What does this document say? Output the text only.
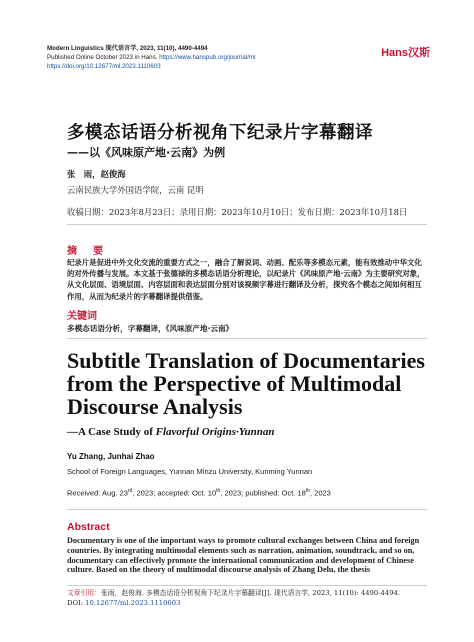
Modern Linguistics 现代语言学, 2023, 11(10), 4490-4494
Published Online October 2023 in Hans. https://www.hanspub.org/journal/ml
https://doi.org/10.12677/ml.2023.1110603
Hans汉斯
多模态话语分析视角下纪录片字幕翻译
——以《风味原产地·云南》为例
张　雨，赵俊海
云南民族大学外国语学院，云南 昆明
收稿日期：2023年8月23日；录用日期：2023年10月10日；发布日期：2023年10月18日
摘　要
纪录片是促进中外文化交流的重要方式之一，融合了解说词、动画、配乐等多模态元素，能有效推动中华文化的对外传播与发展。本文基于张德禄的多模态话语分析理论，以纪录片《风味原产地·云南》为主要研究对象，从文化层面、语境层面、内容层面和表达层面分别对该视频字幕进行翻译及分析，探究各个模态之间如何相互作用，从而为纪录片的字幕翻译提供借鉴。
关键词
多模态话语分析，字幕翻译，《风味原产地·云南》
Subtitle Translation of Documentaries from the Perspective of Multimodal Discourse Analysis
—A Case Study of Flavorful Origins·Yunnan
Yu Zhang, Junhai Zhao
School of Foreign Languages, Yunnan Minzu University, Kunming Yunnan
Received: Aug. 23rd, 2023; accepted: Oct. 10th, 2023; published: Oct. 18th, 2023
Abstract
Documentary is one of the important ways to promote cultural exchanges between China and foreign countries. By integrating multimodal elements such as narration, animation, soundtrack, and so on, documentary can effectively promote the international communication and development of Chinese culture. Based on the theory of multimodal discourse analysis of Zhang Delu, the thesis
文章引用：张雨，赵俊海. 多模态话语分析视角下纪录片字幕翻译[J]. 现代语言学, 2023, 11(10): 4490-4494.
DOI: 10.12677/ml.2023.1110603
